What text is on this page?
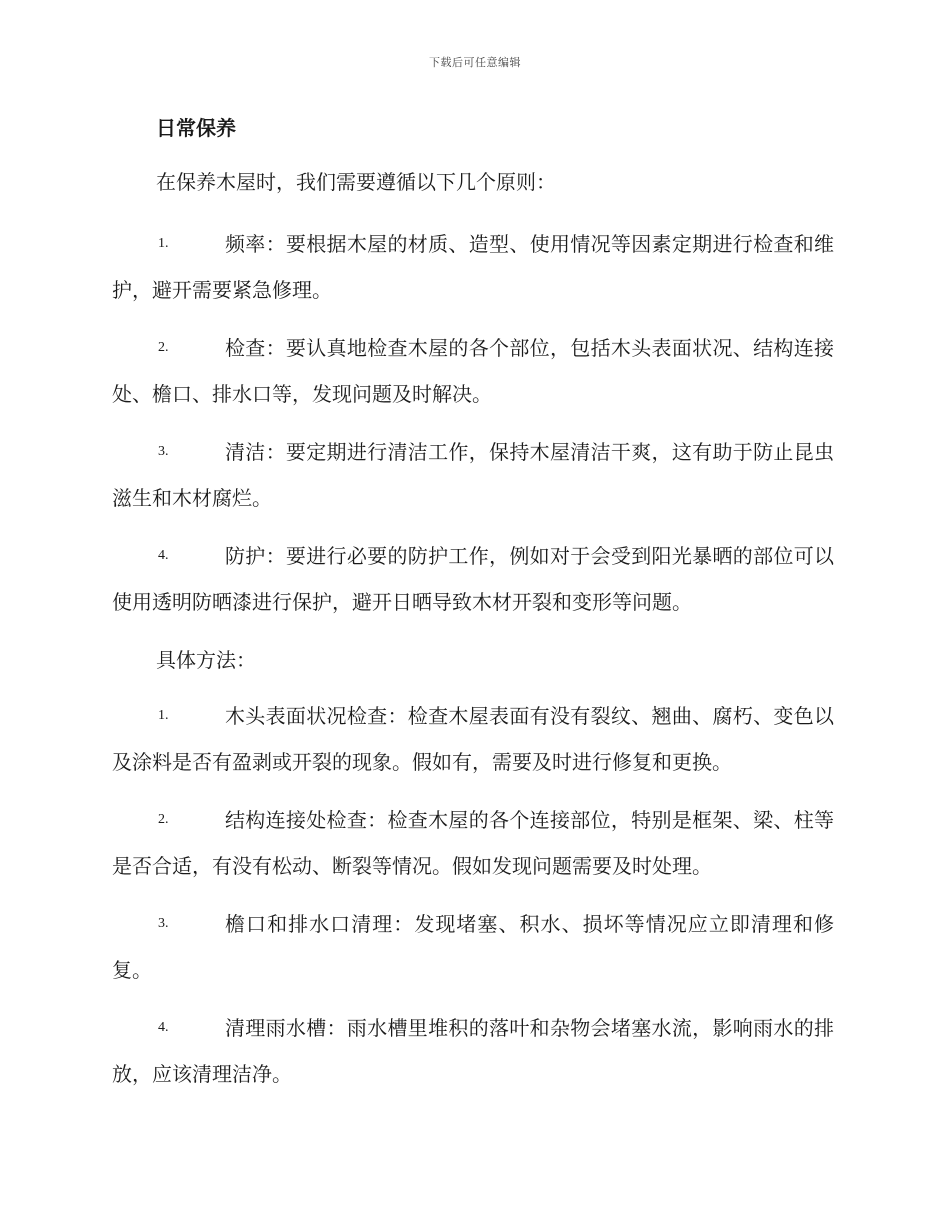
下载后可任意编辑
日常保养

在保养木屋时，我们需要遵循以下几个原则：

1.	频率：要根据木屋的材质、造型、使用情况等因素定期进行检查和维护，避开需要紧急修理。

2.	检查：要认真地检查木屋的各个部位，包括木头表面状况、结构连接处、檐口、排水口等，发现问题及时解决。

3.	清洁：要定期进行清洁工作，保持木屋清洁干爽，这有助于防止昆虫滋生和木材腐烂。

4.	防护：要进行必要的防护工作，例如对于会受到阳光暴晒的部位可以使用透明防晒漆进行保护，避开日晒导致木材开裂和变形等问题。

具体方法：

1.	木头表面状况检查：检查木屋表面有没有裂纹、翘曲、腐朽、变色以及涂料是否有盈剥或开裂的现象。假如有，需要及时进行修复和更换。

2.	结构连接处检查：检查木屋的各个连接部位，特别是框架、梁、柱等是否合适，有没有松动、断裂等情况。假如发现问题需要及时处理。

3.	檐口和排水口清理：发现堵塞、积水、损坏等情况应立即清理和修复。

4.	清理雨水槽：雨水槽里堆积的落叶和杂物会堵塞水流，影响雨水的排放，应该清理洁净。
